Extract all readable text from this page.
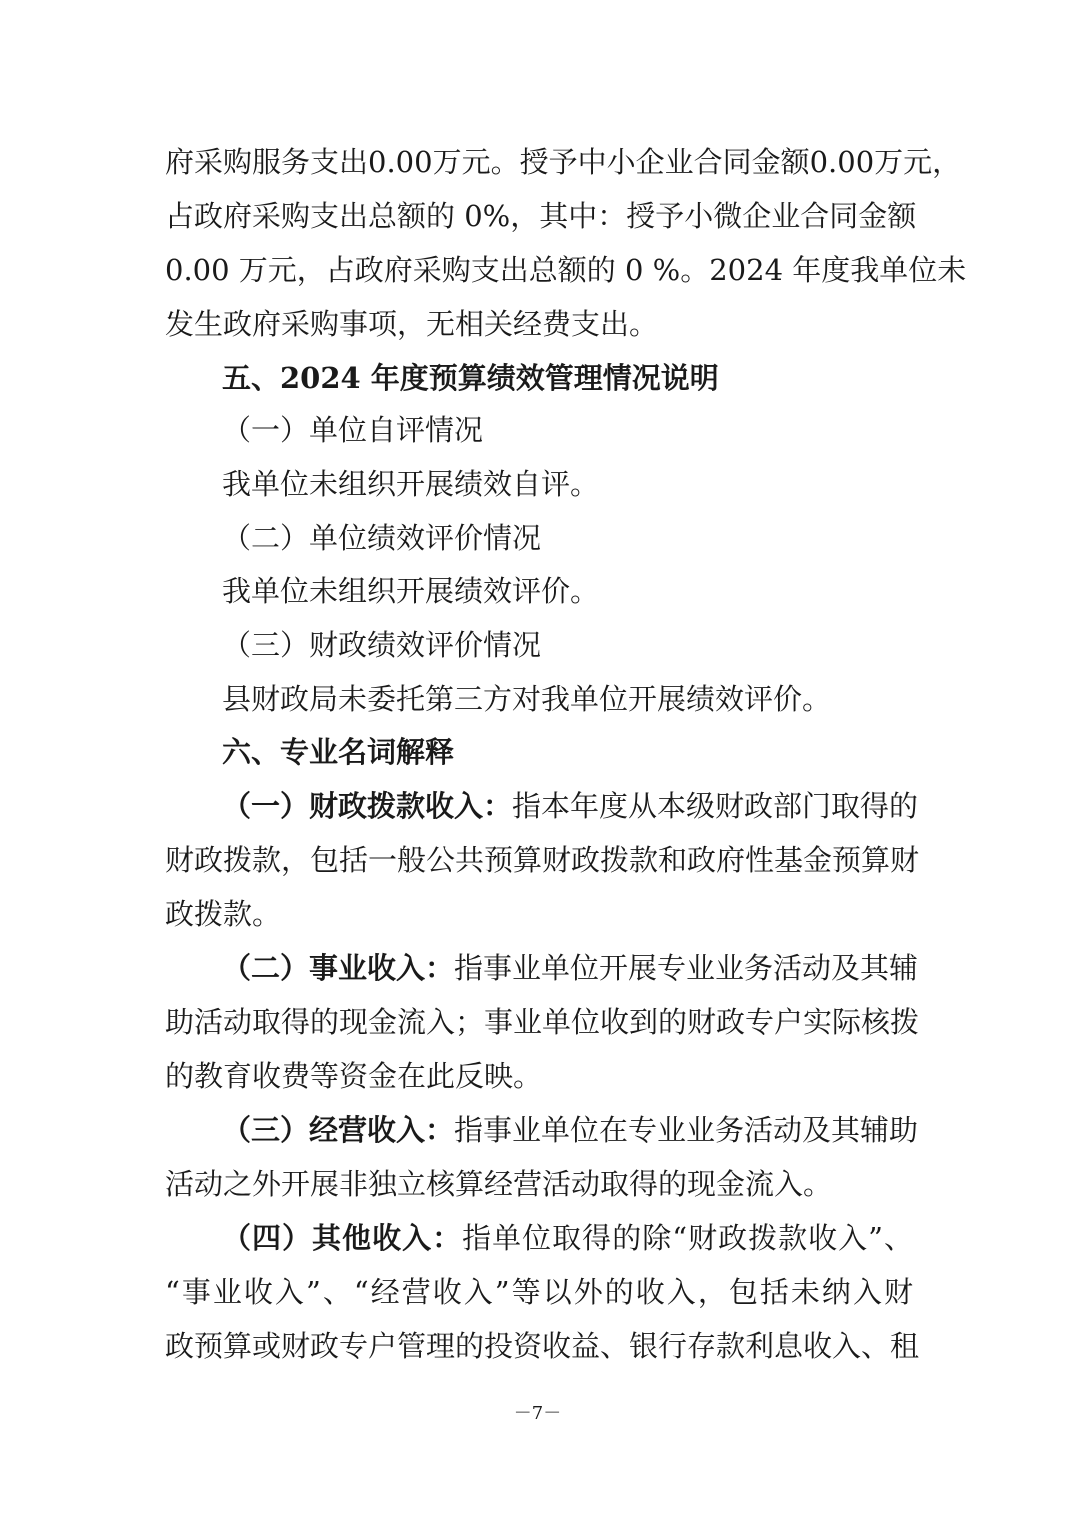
府采购服务支出0.00万元。授予中小企业合同金额0.00万元，
占政府采购支出总额的 0%，其中：授予小微企业合同金额
0.00 万元，占政府采购支出总额的 0 %。2024 年度我单位未
发生政府采购事项，无相关经费支出。
五、2024 年度预算绩效管理情况说明
（一）单位自评情况
我单位未组织开展绩效自评。
（二）单位绩效评价情况
我单位未组织开展绩效评价。
（三）财政绩效评价情况
县财政局未委托第三方对我单位开展绩效评价。
六、专业名词解释
（一）财政拨款收入：指本年度从本级财政部门取得的
财政拨款，包括一般公共预算财政拨款和政府性基金预算财
政拨款。
（二）事业收入：指事业单位开展专业业务活动及其辅
助活动取得的现金流入；事业单位收到的财政专户实际核拨
的教育收费等资金在此反映。
（三）经营收入：指事业单位在专业业务活动及其辅助
活动之外开展非独立核算经营活动取得的现金流入。
（四）其他收入：指单位取得的除“财政拨款收入”、
“事业收入”、“经营收入”等以外的收入，包括未纳入财
政预算或财政专户管理的投资收益、银行存款利息收入、租
－7－
